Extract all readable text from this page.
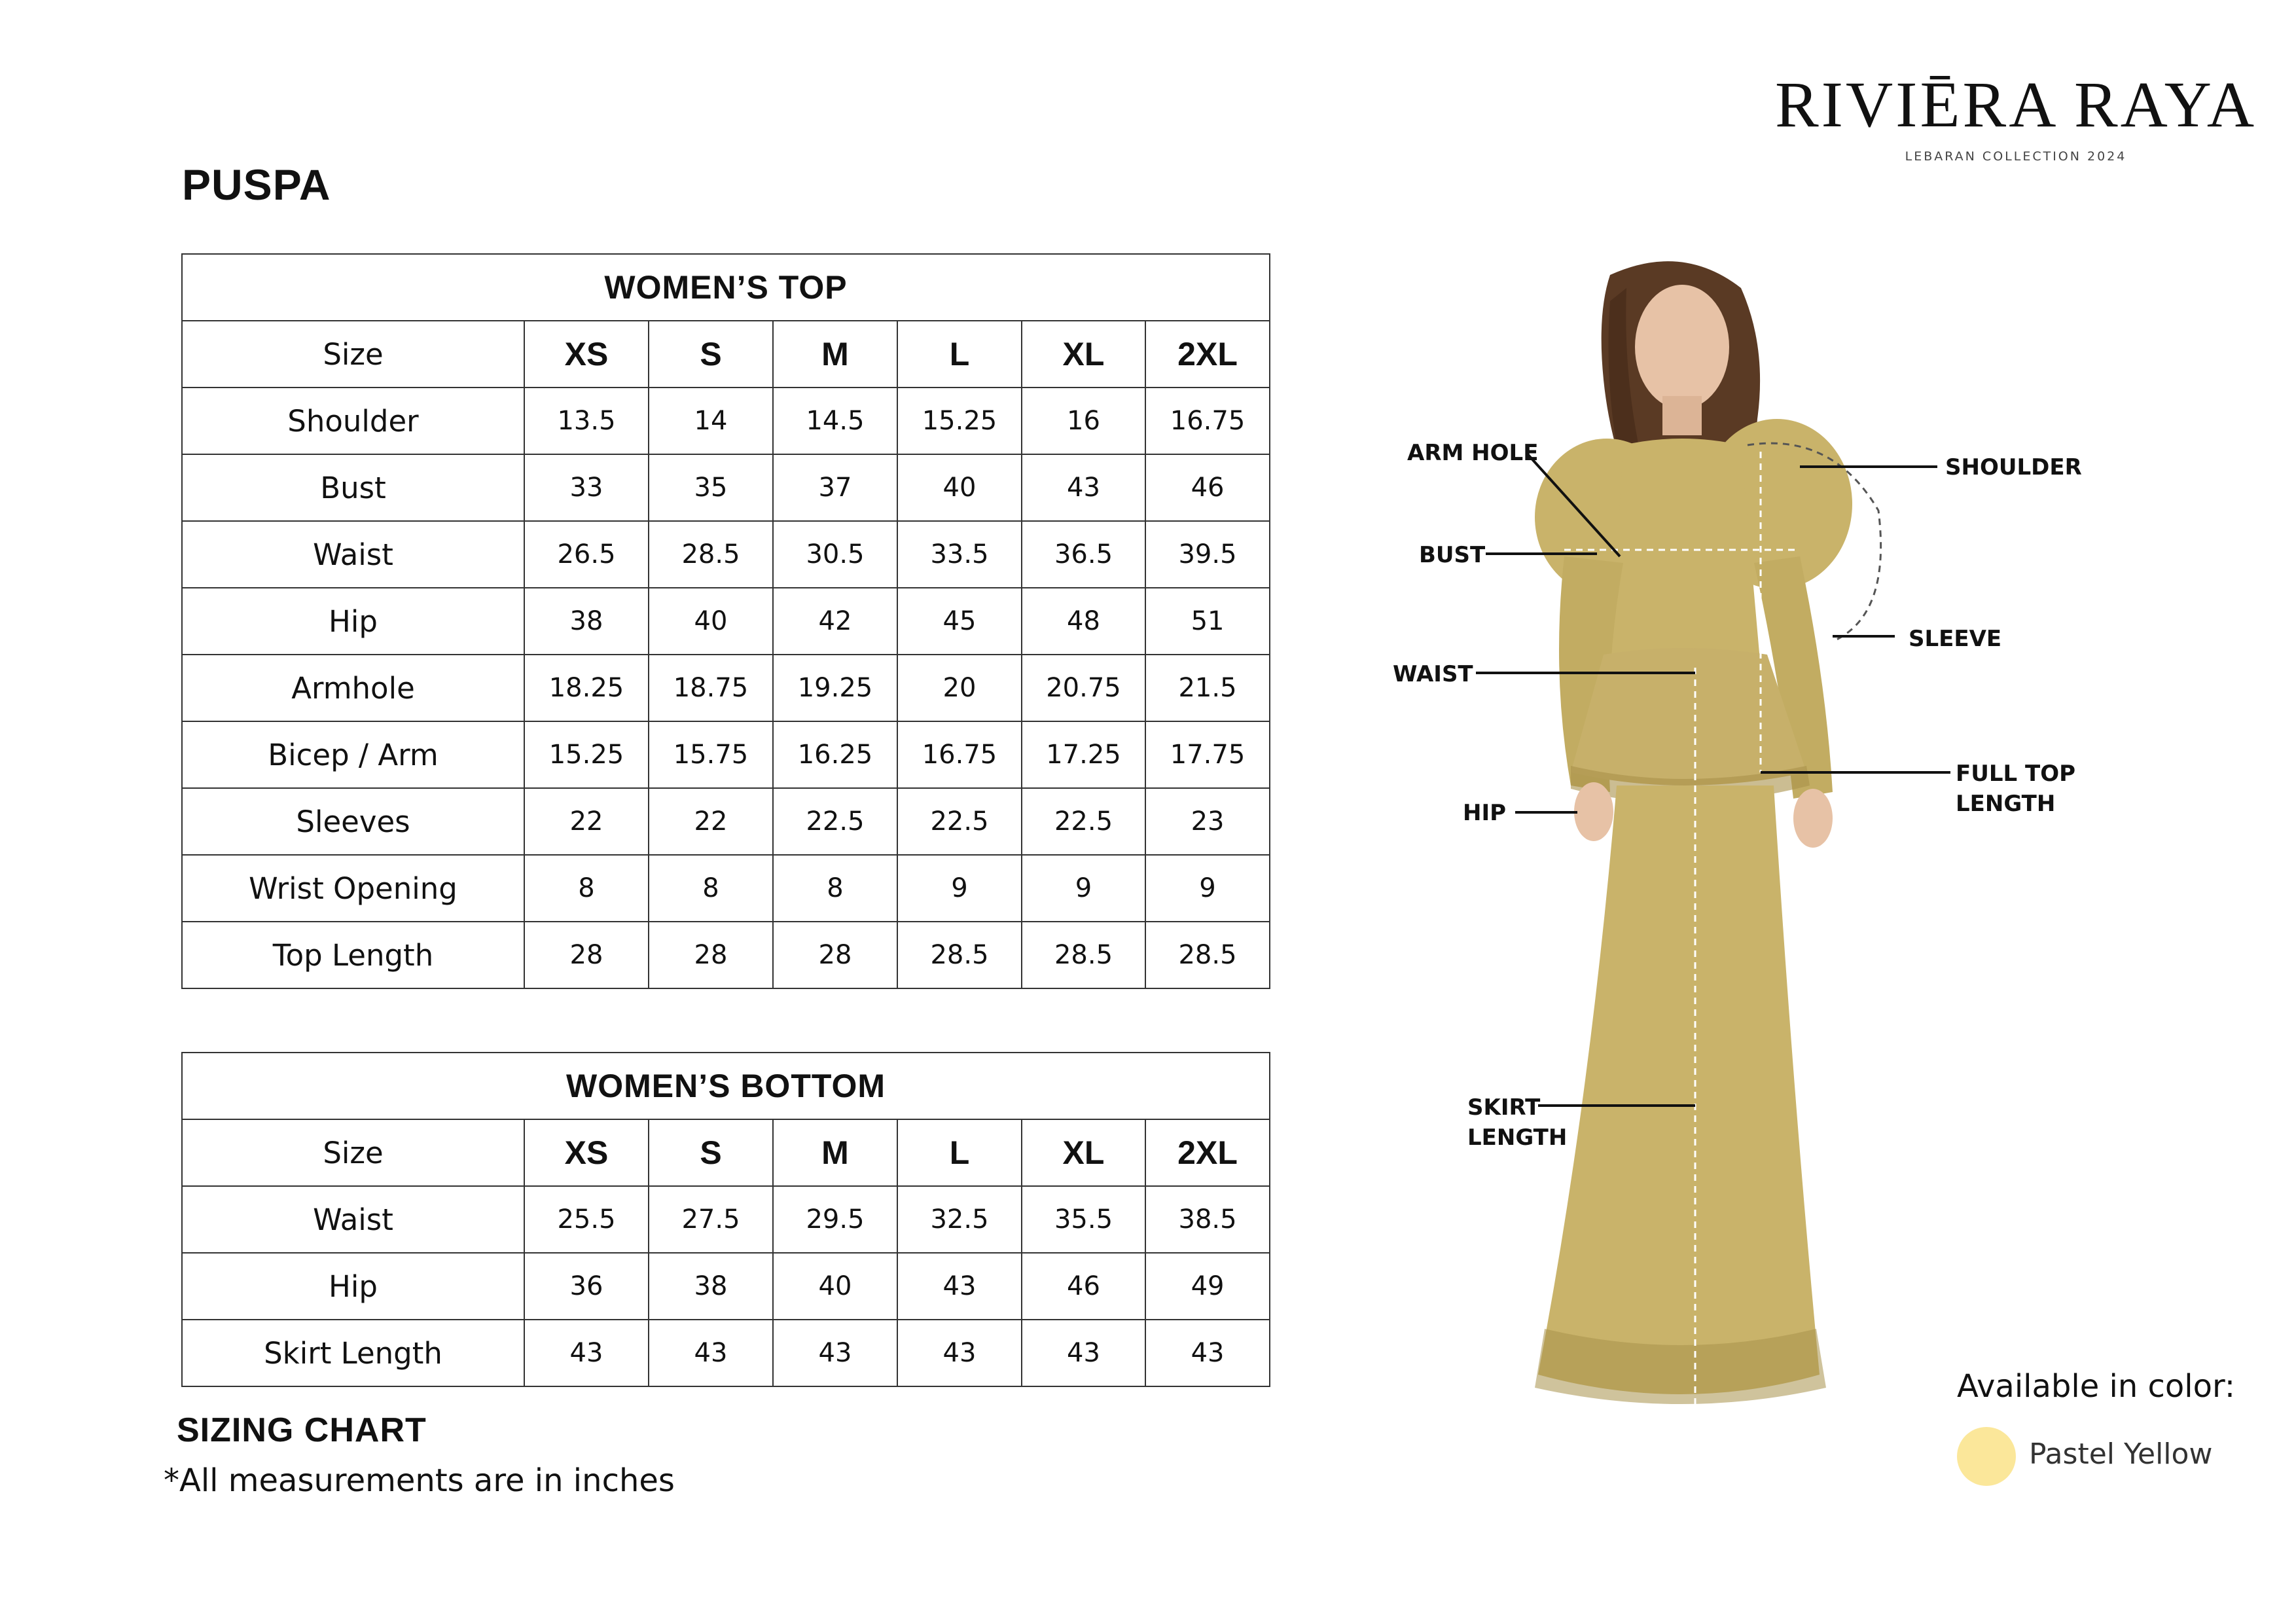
PUSPA
RIVIĒRA RAYA
LEBARAN COLLECTION 2024
WOMEN’S TOP						
Size	XS	S	M	L	XL	2XL
Shoulder	13.5	14	14.5	15.25	16	16.75
Bust	33	35	37	40	43	46
Waist	26.5	28.5	30.5	33.5	36.5	39.5
Hip	38	40	42	45	48	51
Armhole	18.25	18.75	19.25	20	20.75	21.5
Bicep / Arm	15.25	15.75	16.25	16.75	17.25	17.75
Sleeves	22	22	22.5	22.5	22.5	23
Wrist Opening	8	8	8	9	9	9
Top Length	28	28	28	28.5	28.5	28.5
WOMEN’S BOTTOM						
Size	XS	S	M	L	XL	2XL
Waist	25.5	27.5	29.5	32.5	35.5	38.5
Hip	36	38	40	43	46	49
Skirt Length	43	43	43	43	43	43
SIZING CHART
*All measurements are in inches
ARM HOLE
BUST
WAIST
HIP
SKIRT
LENGTH
SHOULDER
SLEEVE
FULL TOP
LENGTH
Available in color:
Pastel Yellow
